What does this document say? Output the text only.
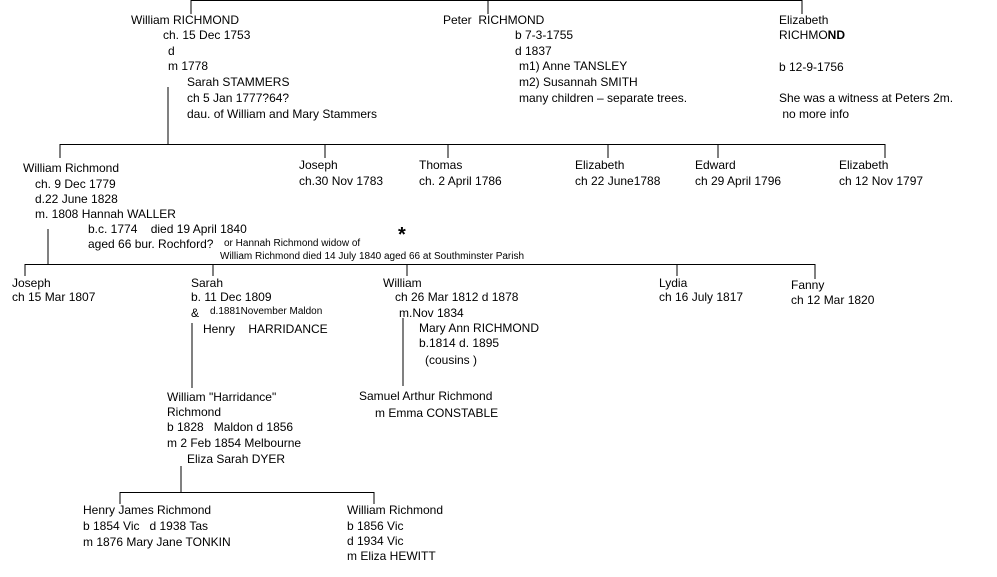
William RICHMOND
ch. 15 Dec 1753
d
m 1778
Sarah STAMMERS
ch 5 Jan 1777?64?
dau. of William and Mary Stammers
Peter  RICHMOND
b 7-3-1755
d 1837
m1) Anne TANSLEY
m2) Susannah SMITH
many children – separate trees.
Elizabeth
RICHMOND
b 12-9-1756
She was a witness at Peters 2m.
no more info
William Richmond
ch. 9 Dec 1779
d.22 June 1828
m. 1808 Hannah WALLER
b.c. 1774    died 19 April 1840
aged 66 bur. Rochford? or Hannah Richmond widow of *
William Richmond died 14 July 1840 aged 66 at Southminster Parish
Joseph
ch.30 Nov 1783
Thomas
ch. 2 April 1786
Elizabeth
ch 22 June1788
Edward
ch 29 April 1796
Elizabeth
ch 12 Nov 1797
Joseph
ch 15 Mar 1807
Sarah
b. 11 Dec 1809
& d.1881November Maldon
Henry    HARRIDANCE
William
ch 26 Mar 1812 d 1878
m.Nov 1834
Mary Ann RICHMOND
b.1814 d. 1895
(cousins )
Lydia
ch 16 July 1817
Fanny
ch 12 Mar 1820
William "Harridance"
Richmond
b 1828   Maldon d 1856
m 2 Feb 1854 Melbourne
Eliza Sarah DYER
Samuel Arthur Richmond
m Emma CONSTABLE
Henry James Richmond
b 1854 Vic   d 1938 Tas
m 1876 Mary Jane TONKIN
William Richmond
b 1856 Vic
d 1934 Vic
m Eliza HEWITT
